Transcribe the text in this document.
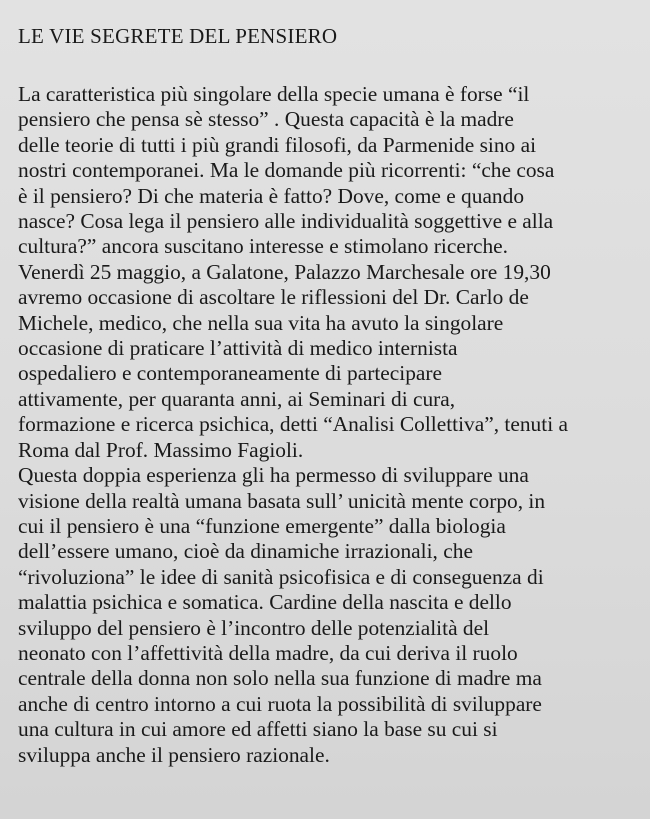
LE VIE SEGRETE DEL PENSIERO

La caratteristica più singolare della specie umana è forse “il
pensiero che pensa sè stesso” . Questa capacità è la madre
delle teorie di tutti i più grandi filosofi, da Parmenide sino ai
nostri contemporanei. Ma le domande più ricorrenti: “che cosa
è il pensiero? Di che materia è fatto? Dove, come e quando
nasce? Cosa lega il pensiero alle individualità soggettive e alla
cultura?” ancora suscitano interesse e stimolano ricerche.
Venerdì 25 maggio, a Galatone, Palazzo Marchesale ore 19,30
avremo occasione di ascoltare le riflessioni del Dr. Carlo de
Michele, medico, che nella sua vita ha avuto la singolare
occasione di praticare l’attività di medico internista
ospedaliero e contemporaneamente di partecipare
attivamente, per quaranta anni, ai Seminari di cura,
formazione e ricerca psichica, detti “Analisi Collettiva”, tenuti a
Roma dal Prof. Massimo Fagioli.
Questa doppia esperienza gli ha permesso di sviluppare una
visione della realtà umana basata sull’ unicità mente corpo, in
cui il pensiero è una “funzione emergente” dalla biologia
dell’essere umano, cioè da dinamiche irrazionali, che
“rivoluziona” le idee di sanità psicofisica e di conseguenza di
malattia psichica e somatica. Cardine della nascita e dello
sviluppo del pensiero è l’incontro delle potenzialità del
neonato con l’affettività della madre, da cui deriva il ruolo
centrale della donna non solo nella sua funzione di madre ma
anche di centro intorno a cui ruota la possibilità di sviluppare
una cultura in cui amore ed affetti siano la base su cui si
sviluppa anche il pensiero razionale.
